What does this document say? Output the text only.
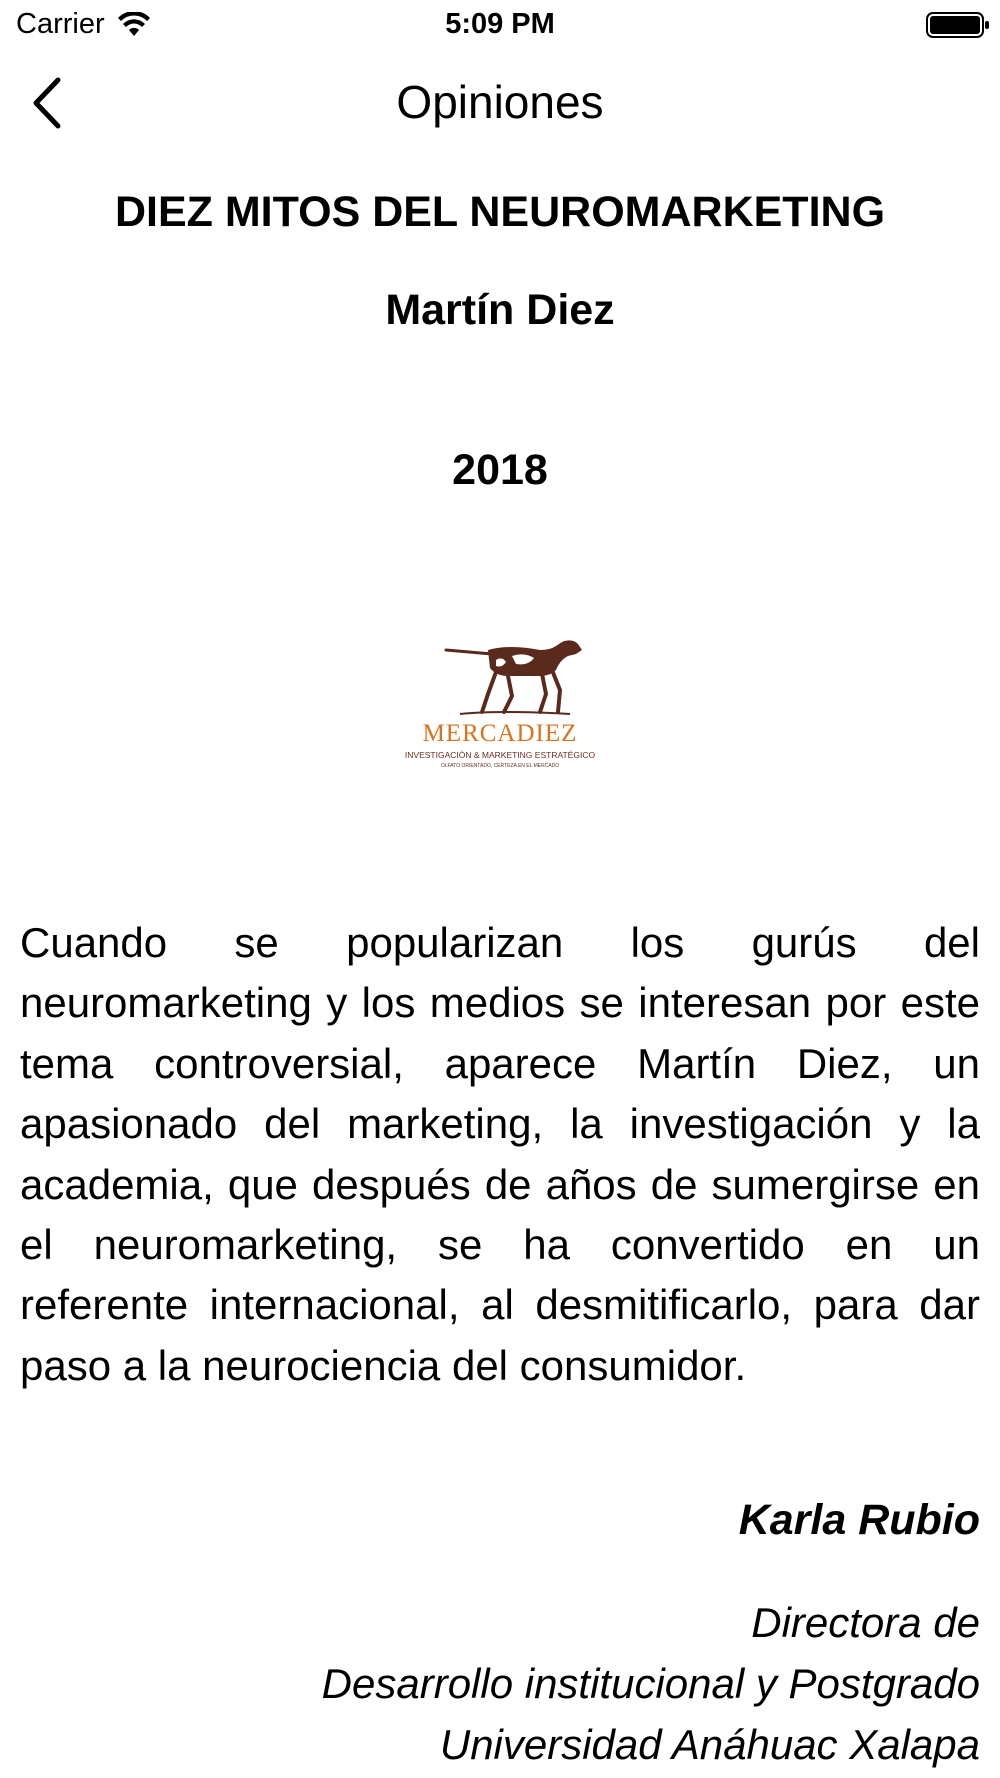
Carrier	5:09 PM
Opiniones
DIEZ MITOS DEL NEUROMARKETING
Martín Diez
2018
MERCADIEZ
INVESTIGACIÓN & MARKETING ESTRATÉGICO
OLFATO ORIENTADO, CERTEZA EN EL MERCADO

Cuando se popularizan los gurús del neuromarketing y los medios se interesan por este tema controversial, aparece Martín Diez, un apasionado del marketing, la investigación y la academia, que después de años de sumergirse en el neuromarketing, se ha convertido en un referente internacional, al desmitificarlo, para dar paso a la neurociencia del consumidor.

Karla Rubio
Directora de
Desarrollo institucional y Postgrado
Universidad Anáhuac Xalapa
